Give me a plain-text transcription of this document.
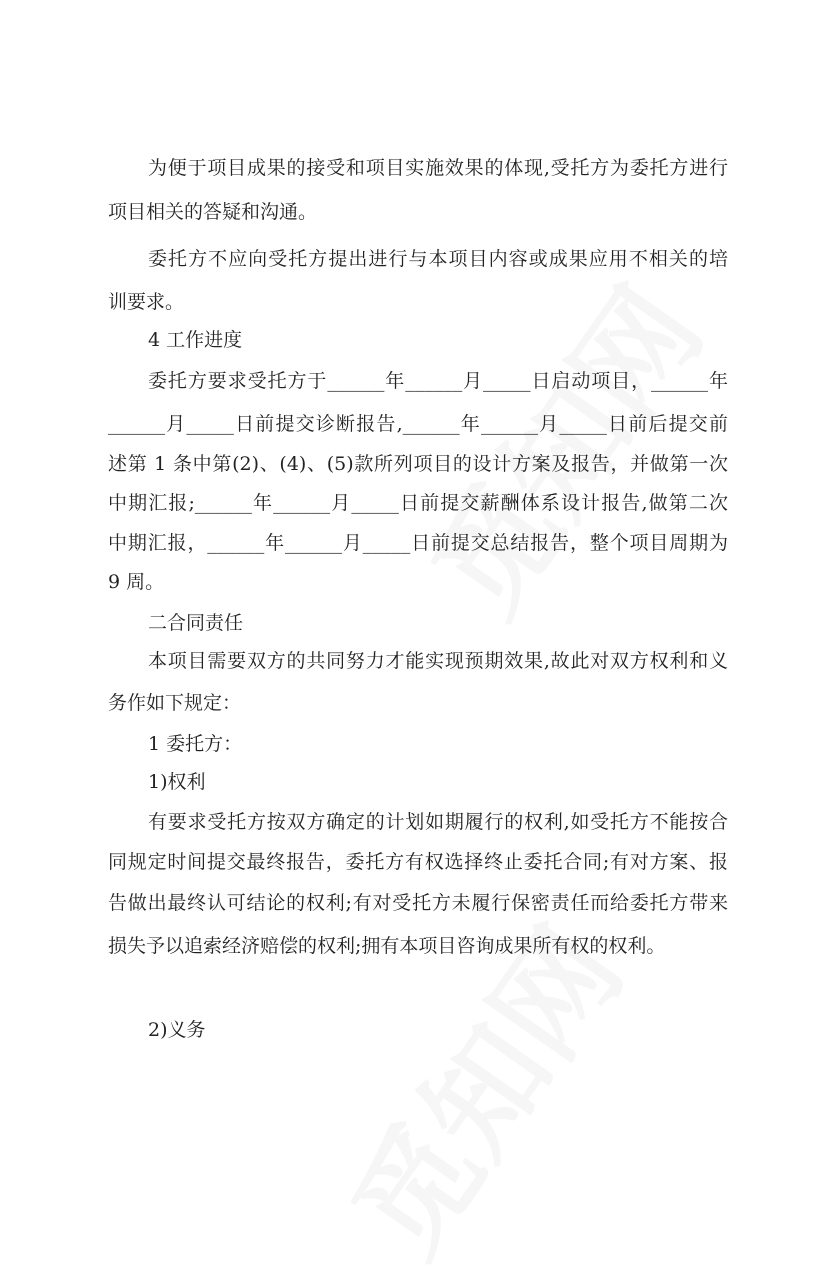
为便于项目成果的接受和项目实施效果的体现,受托方为委托方进行
项目相关的答疑和沟通。
委托方不应向受托方提出进行与本项目内容或成果应用不相关的培
训要求。
4 工作进度
委托方要求受托方于______年______月_____日启动项目，______年
______月_____日前提交诊断报告,______年______月_____日前后提交前
述第 1 条中第(2)、(4)、(5)款所列项目的设计方案及报告，并做第一次
中期汇报;______年______月_____日前提交薪酬体系设计报告,做第二次
中期汇报，______年______月_____日前提交总结报告，整个项目周期为
9 周。
二合同责任
本项目需要双方的共同努力才能实现预期效果,故此对双方权利和义
务作如下规定：
1 委托方：
1)权利
有要求受托方按双方确定的计划如期履行的权利,如受托方不能按合
同规定时间提交最终报告，委托方有权选择终止委托合同;有对方案、报
告做出最终认可结论的权利;有对受托方未履行保密责任而给委托方带来
损失予以追索经济赔偿的权利;拥有本项目咨询成果所有权的权利。
2)义务
